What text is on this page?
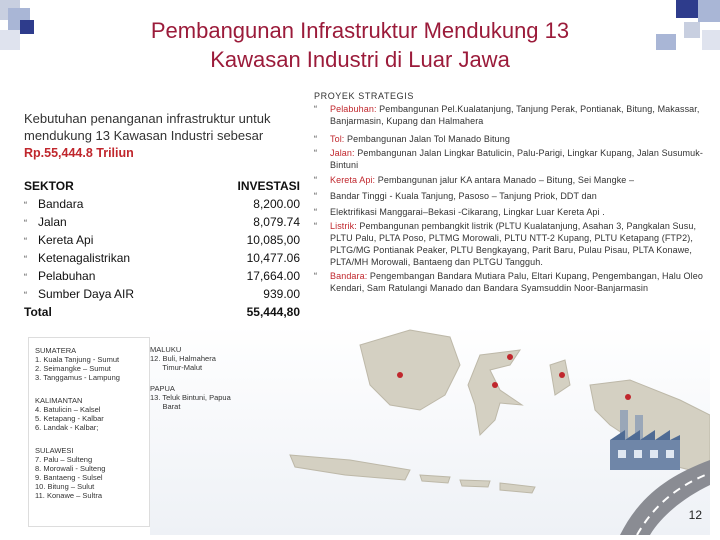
Pembangunan Infrastruktur Mendukung 13
Kawasan Industri di Luar Jawa
Kebutuhan penanganan infrastruktur untuk mendukung 13 Kawasan Industri sebesar
Rp.55,444.8 Triliun
SEKTOR	INVESTASI
“ Bandara	8,200.00
“ Jalan	8,079.74
“ Kereta Api	10,085,00
“ Ketenagalistrikan	10,477.06
“ Pelabuhan	17,664.00
“ Sumber Daya AIR	939.00
Total	55,444,80
PROYEK STRATEGIS
“ Pelabuhan: Pembangunan Pel.Kualatanjung, Tanjung Perak, Pontianak, Bitung, Makassar, Banjarmasin, Kupang dan Halmahera
“ Tol: Pembangunan Jalan Tol Manado Bitung
“ Jalan: Pembangunan Jalan Lingkar Batulicin, Palu-Parigi, Lingkar Kupang, Jalan Susumuk-Bintuni
“ Kereta Api: Pembangunan jalur KA antara Manado – Bitung, Sei Mangke –
“ Bandar Tinggi - Kuala Tanjung, Pasoso – Tanjung Priok, DDT dan
“ Elektrifikasi Manggarai–Bekasi -Cikarang, Lingkar Luar Kereta Api .
“ Listrik: Pembangunan pembangkit listrik (PLTU Kualatanjung, Asahan 3, Pangkalan Susu, PLTU Palu, PLTA Poso, PLTMG Morowali, PLTU NTT-2 Kupang, PLTU Ketapang (FTP2), PLTG/MG Pontianak Peaker, PLTU Bengkayang, Parit Baru, Pulau Pisau, PLTA Konawe, PLTA/MH Morowali, Bantaeng dan PLTGU Tangguh.
“ Bandara: Pengembangan Bandara Mutiara Palu, Eltari Kupang, Pengembangan, Halu Oleo Kendari, Sam Ratulangi Manado dan Bandara Syamsuddin Noor-Banjarmasin
SUMATERA
1. Kuala Tanjung - Sumut
2. Seimangke – Sumut
3. Tanggamus - Lampung
KALIMANTAN
4. Batulicin – Kalsel
5. Ketapang - Kalbar
6. Landak - Kalbar;
SULAWESI
7. Palu – Sulteng
8. Morowali - Sulteng
9. Bantaeng - Sulsel
10. Bitung – Sulut
11. Konawe – Sultra
MALUKU
12. Buli, Halmahera
Timur-Malut
PAPUA
13. Teluk Bintuni, Papua
Barat
12
